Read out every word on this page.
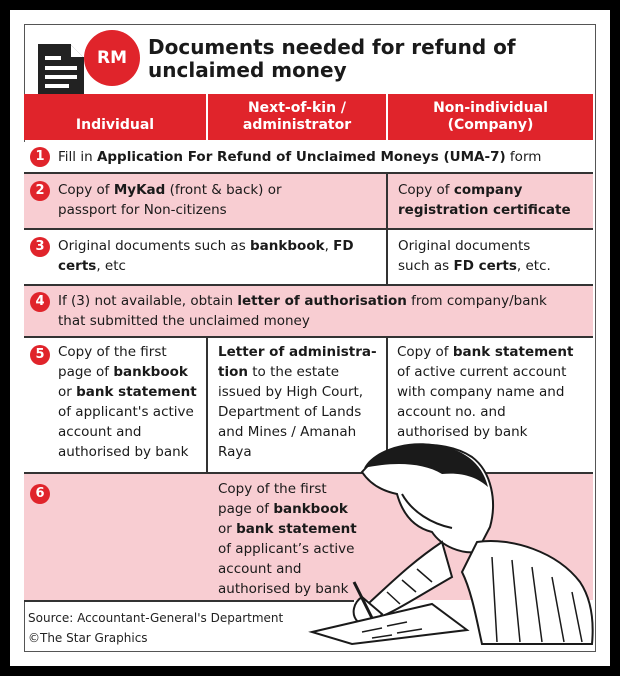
RM	Documents needed for refund of
unclaimed money
Individual
Next-of-kin /
administrator
Non-individual
(Company)
1 Fill in Application For Refund of Unclaimed Moneys (UMA-7) form
2 Copy of MyKad (front & back) or
passport for Non-citizens
Copy of company
registration certificate
3 Original documents such as bankbook, FD
certs, etc
Original documents
such as FD certs, etc.
4 If (3) not available, obtain letter of authorisation from company/bank
that submitted the unclaimed money
5 Copy of the first
page of bankbook
or bank statement
of applicant's active
account and
authorised by bank
Letter of administra-
tion to the estate
issued by High Court,
Department of Lands
and Mines / Amanah
Raya
Copy of bank statement
of active current account
with company name and
account no. and
authorised by bank
6	Copy of the first
page of bankbook
or bank statement
of applicant’s active
account and
authorised by bank
Source: Accountant-General's Department
©The Star Graphics
